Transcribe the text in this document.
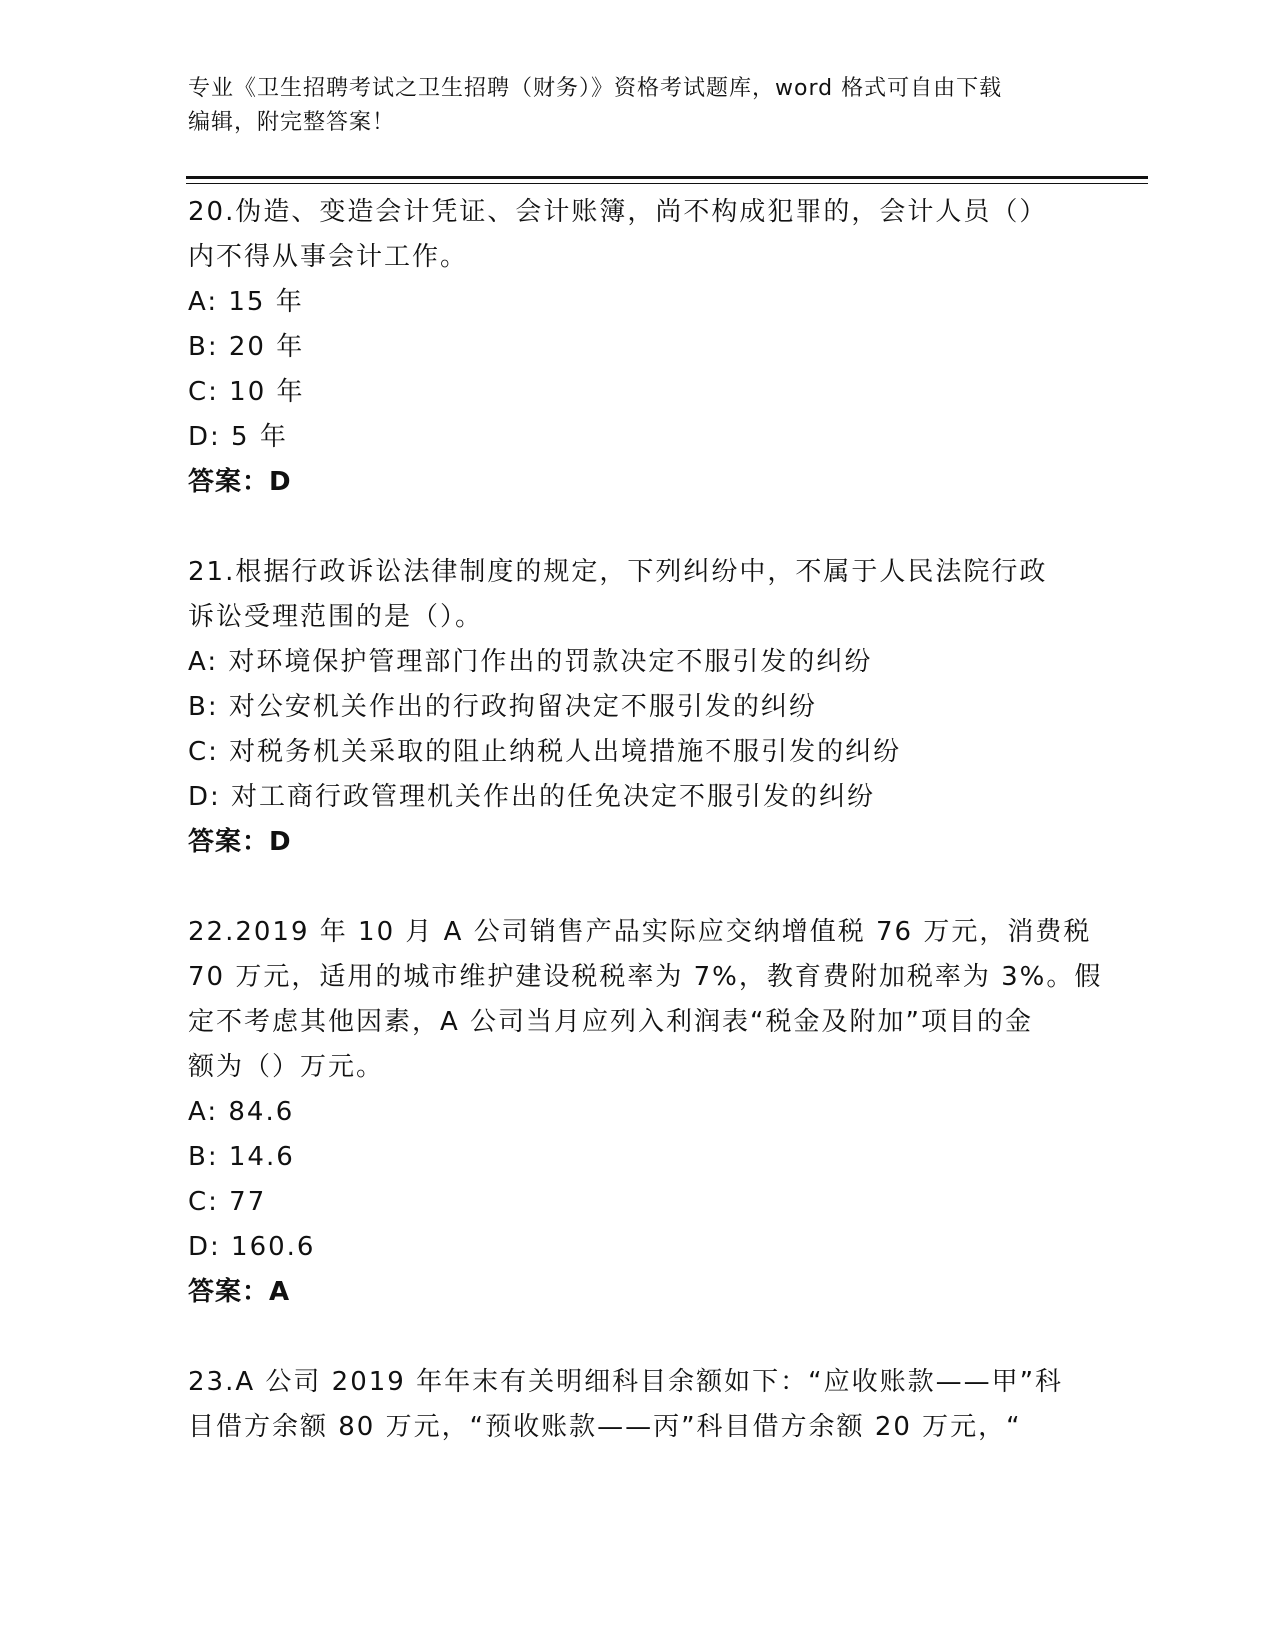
专业《卫生招聘考试之卫生招聘（财务）》资格考试题库，word 格式可自由下载
编辑，附完整答案！
20.伪造、变造会计凭证、会计账簿，尚不构成犯罪的，会计人员（）
内不得从事会计工作。
A: 15 年
B: 20 年
C: 10 年
D: 5 年
答案：D
21.根据行政诉讼法律制度的规定，下列纠纷中，不属于人民法院行政
诉讼受理范围的是（）。
A: 对环境保护管理部门作出的罚款决定不服引发的纠纷
B: 对公安机关作出的行政拘留决定不服引发的纠纷
C: 对税务机关采取的阻止纳税人出境措施不服引发的纠纷
D: 对工商行政管理机关作出的任免决定不服引发的纠纷
答案：D
22.2019 年 10 月 A 公司销售产品实际应交纳增值税 76 万元，消费税
70 万元，适用的城市维护建设税税率为 7%，教育费附加税率为 3%。假
定不考虑其他因素，A 公司当月应列入利润表“税金及附加”项目的金
额为（）万元。
A: 84.6
B: 14.6
C: 77
D: 160.6
答案：A
23.A 公司 2019 年年末有关明细科目余额如下：“应收账款——甲”科
目借方余额 80 万元，“预收账款——丙”科目借方余额 20 万元，“
